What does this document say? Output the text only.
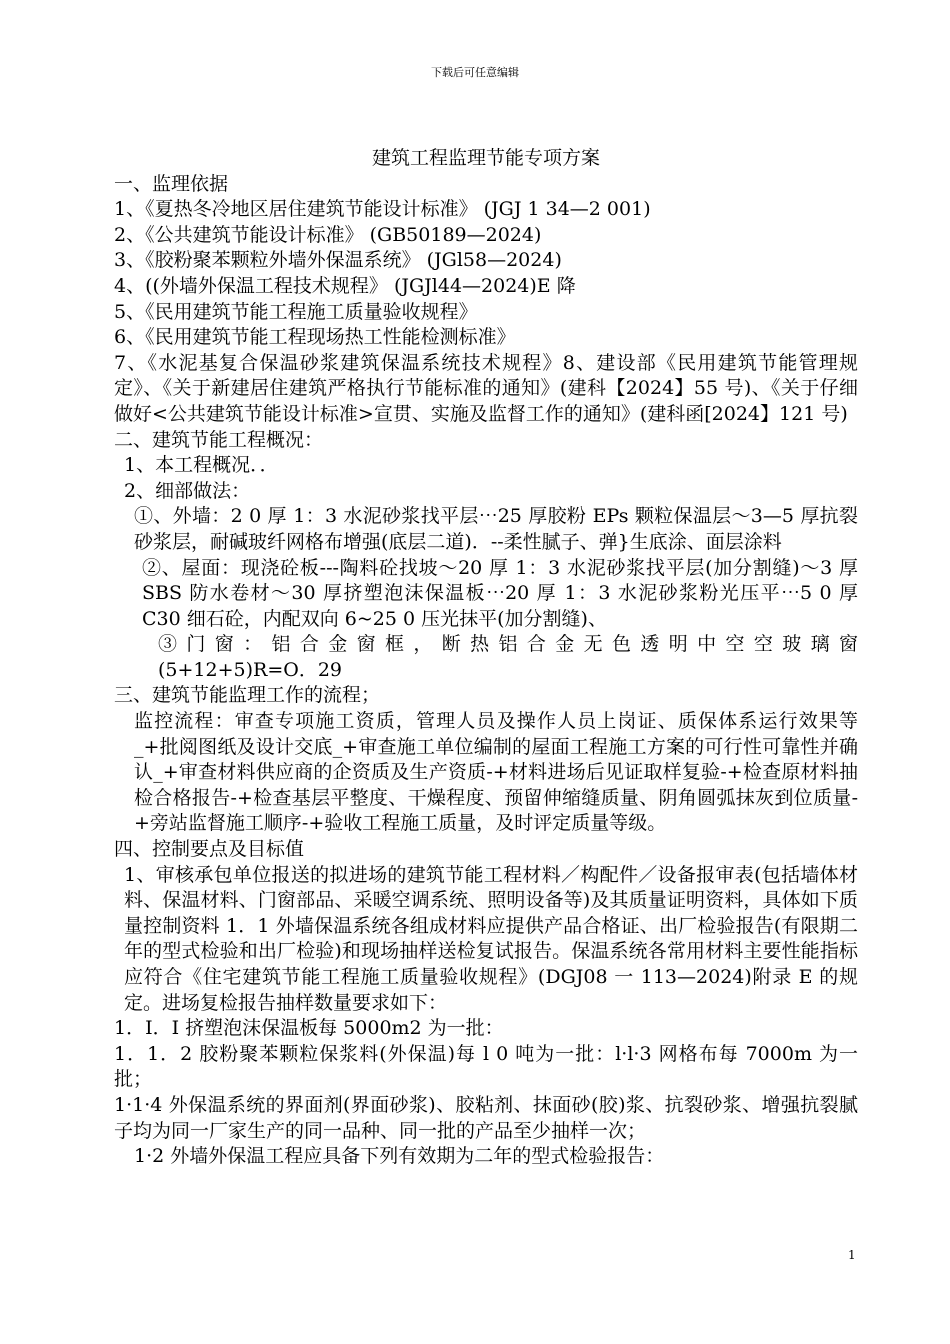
下载后可任意编辑

建筑工程监理节能专项方案

一、监理依据

1、《夏热冬冷地区居住建筑节能设计标准》 (JGJ 1 34—2 001)

2、《公共建筑节能设计标准》 (GB50189—2024)

3、《胶粉聚苯颗粒外墙外保温系统》 (JGl58—2024)

4、((外墙外保温工程技术规程》 (JGJl44—2024)E 降

5、《民用建筑节能工程施工质量验收规程》

6、《民用建筑节能工程现场热工性能检测标准》

7、《水泥基复合保温砂浆建筑保温系统技术规程》8、建设部《民用建筑节能管理规定》、《关于新建居住建筑严格执行节能标准的通知》(建科【2024】55 号)、《关于仔细做好<公共建筑节能设计标准>宣贯、实施及监督工作的通知》(建科函[2024】121 号)

二、建筑节能工程概况：

1、本工程概况．．

2、细部做法：

①、外墙：2 0 厚 1：3 水泥砂浆找平层⋯25 厚胶粉 EPs 颗粒保温层～3—5 厚抗裂砂浆层，耐碱玻纤网格布增强(底层二道)．--柔性腻子、弹}生底涂、面层涂料

②、屋面：现浇砼板---陶料砼找坡～20 厚 1：3 水泥砂浆找平层(加分割缝)～3 厚 SBS 防水卷材～30 厚挤塑泡沫保温板⋯20 厚 1：3 水泥砂浆粉光压平⋯5 0 厚 C30 细石砼，内配双向 6~25 0 压光抹平(加分割缝)、

③ 门 窗 ： 铝 合 金 窗 框 ， 断 热 铝 合 金 无 色 透 明 中 空 空 玻 璃 窗 (5+12+5)R=O．29

三、建筑节能监理工作的流程；

监控流程：审查专项施工资质，管理人员及操作人员上岗证、质保体系运行效果等_+批阅图纸及设计交底_+审查施工单位编制的屋面工程施工方案的可行性可靠性并确认_+审查材料供应商的企资质及生产资质-+材料进场后见证取样复验-+检查原材料抽检合格报告-+检查基层平整度、干燥程度、预留伸缩缝质量、阴角圆弧抹灰到位质量-+旁站监督施工顺序-+验收工程施工质量，及时评定质量等级。

四、控制要点及目标值

1、审核承包单位报送的拟进场的建筑节能工程材料／构配件／设备报审表(包括墙体材料、保温材料、门窗部品、采暖空调系统、照明设备等)及其质量证明资料，具体如下质量控制资料 1．1 外墙保温系统各组成材料应提供产品合格证、出厂检验报告(有限期二年的型式检验和出厂检验)和现场抽样送检复试报告。保温系统各常用材料主要性能指标应符合《住宅建筑节能工程施工质量验收规程》(DGJ08 一 113—2024)附录 E 的规定。进场复检报告抽样数量要求如下：

1．I．I 挤塑泡沫保温板每 5000m2 为一批：

1．1．2 胶粉聚苯颗粒保浆料(外保温)每 l 0 吨为一批：l·l·3 网格布每 7000m 为一批；

1·1·4 外保温系统的界面剂(界面砂浆)、胶粘剂、抹面砂(胶)浆、抗裂砂浆、增强抗裂腻子均为同一厂家生产的同一品种、同一批的产品至少抽样一次；

1·2 外墙外保温工程应具备下列有效期为二年的型式检验报告：

1
